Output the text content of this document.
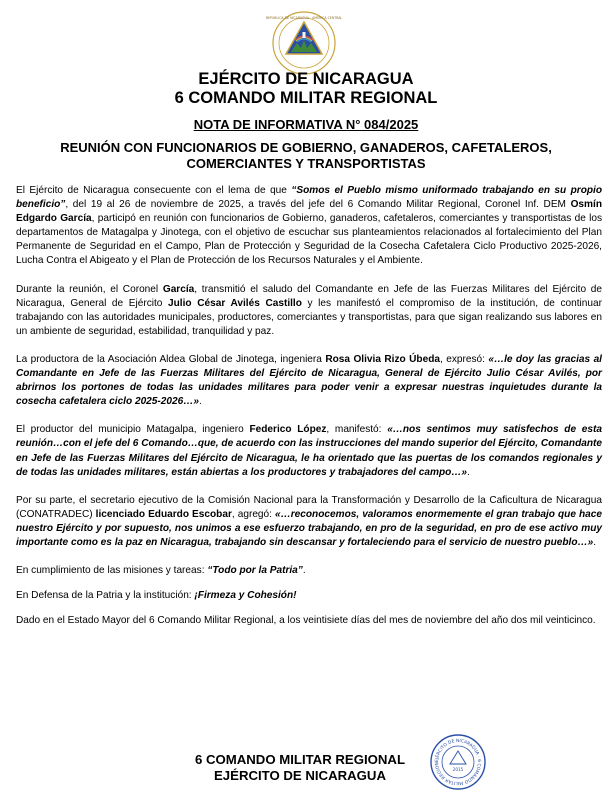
REPÚBLICA DE NICARAGUA · AMÉRICA CENTRAL
EJÉRCITO DE NICARAGUA
6 COMANDO MILITAR REGIONAL
NOTA DE INFORMATIVA N° 084/2025
REUNIÓN CON FUNCIONARIOS DE GOBIERNO, GANADEROS, CAFETALEROS,
COMERCIANTES Y TRANSPORTISTAS

El Ejército de Nicaragua consecuente con el lema de que “Somos el Pueblo mismo uniformado trabajando en su propio beneficio”, del 19 al 26 de noviembre de 2025, a través del jefe del 6 Comando Militar Regional, Coronel Inf. DEM Osmín Edgardo García, participó en reunión con funcionarios de Gobierno, ganaderos, cafetaleros, comerciantes y transportistas de los departamentos de Matagalpa y Jinotega, con el objetivo de escuchar sus planteamientos relacionados al fortalecimiento del Plan Permanente de Seguridad en el Campo, Plan de Protección y Seguridad de la Cosecha Cafetalera Ciclo Productivo 2025-2026, Lucha Contra el Abigeato y el Plan de Protección de los Recursos Naturales y el Ambiente.

Durante la reunión, el Coronel García, transmitió el saludo del Comandante en Jefe de las Fuerzas Militares del Ejército de Nicaragua, General de Ejército Julio César Avilés Castillo y les manifestó el compromiso de la institución, de continuar trabajando con las autoridades municipales, productores, comerciantes y transportistas, para que sigan realizando sus labores en un ambiente de seguridad, estabilidad, tranquilidad y paz.

La productora de la Asociación Aldea Global de Jinotega, ingeniera Rosa Olivia Rizo Úbeda, expresó: «…le doy las gracias al Comandante en Jefe de las Fuerzas Militares del Ejército de Nicaragua, General de Ejército Julio César Avilés, por abrirnos los portones de todas las unidades militares para poder venir a expresar nuestras inquietudes durante la cosecha cafetalera ciclo 2025-2026…».

El productor del municipio Matagalpa, ingeniero Federico López, manifestó: «…nos sentimos muy satisfechos de esta reunión…con el jefe del 6 Comando…que, de acuerdo con las instrucciones del mando superior del Ejército, Comandante en Jefe de las Fuerzas Militares del Ejército de Nicaragua, le ha orientado que las puertas de los comandos regionales y de todas las unidades militares, están abiertas a los productores y trabajadores del campo…».

Por su parte, el secretario ejecutivo de la Comisión Nacional para la Transformación y Desarrollo de la Caficultura de Nicaragua (CONATRADEC) licenciado Eduardo Escobar, agregó: «…reconocemos, valoramos enormemente el gran trabajo que hace nuestro Ejército y por supuesto, nos unimos a ese esfuerzo trabajando, en pro de la seguridad, en pro de ese activo muy importante como es la paz en Nicaragua, trabajando sin descansar y fortaleciendo para el servicio de nuestro pueblo…».

En cumplimiento de las misiones y tareas: “Todo por la Patria”.

En Defensa de la Patria y la institución: ¡Firmeza y Cohesión!

Dado en el Estado Mayor del 6 Comando Militar Regional, a los veintisiete días del mes de noviembre del año dos mil veinticinco.

6 COMANDO MILITAR REGIONAL
EJÉRCITO DE NICARAGUA
EJÉRCITO DE NICARAGUA · 6 COMANDO MILITAR REGION
2015
